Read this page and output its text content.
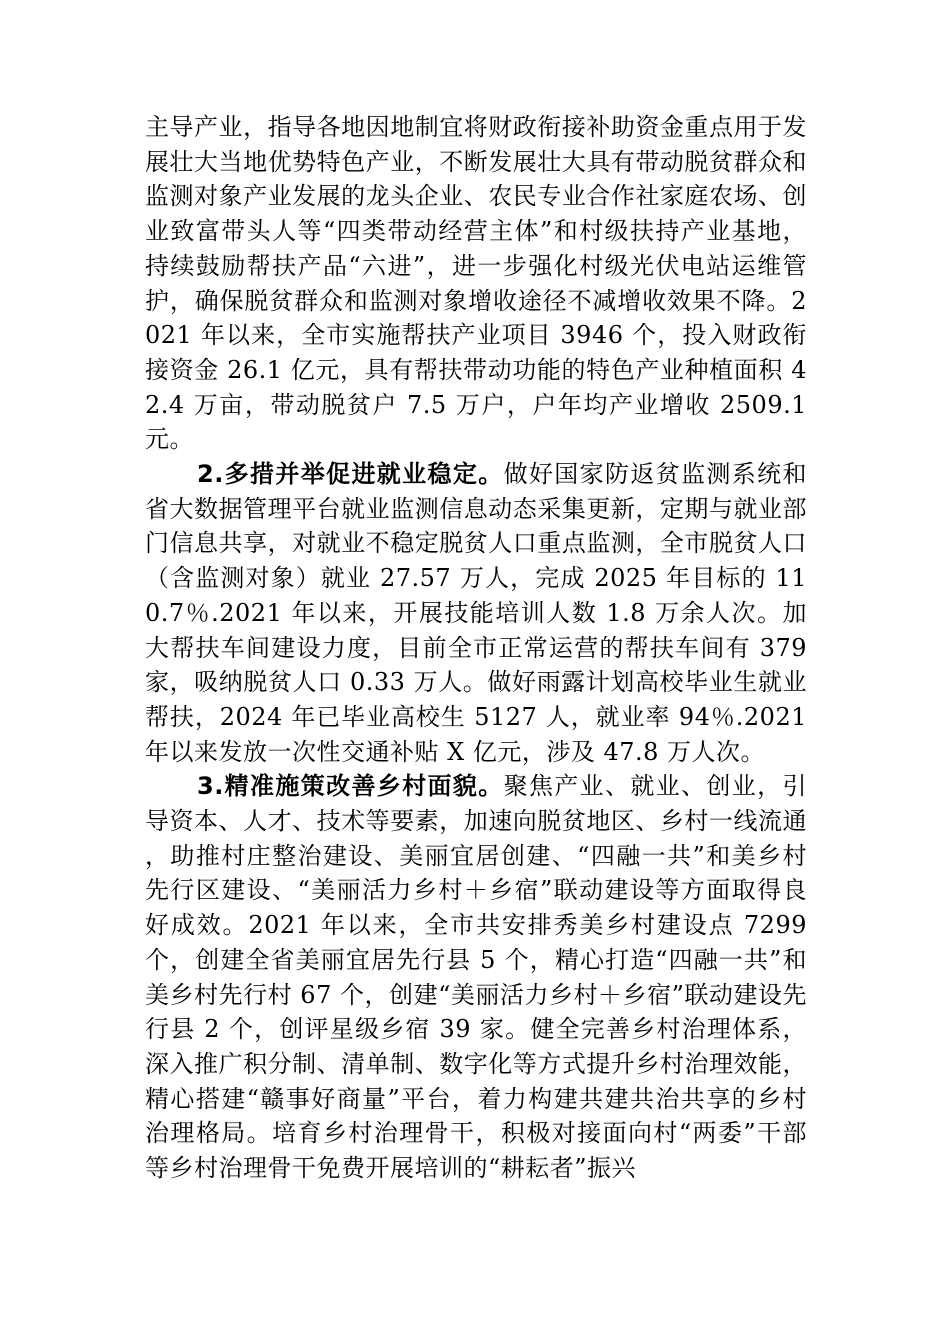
主导产业，指导各地因地制宜将财政衔接补助资金重点用于发展壮大当地优势特色产业，不断发展壮大具有带动脱贫群众和监测对象产业发展的龙头企业、农民专业合作社家庭农场、创业致富带头人等“四类带动经营主体”和村级扶持产业基地，持续鼓励帮扶产品“六进”，进一步强化村级光伏电站运维管护，确保脱贫群众和监测对象增收途径不减增收效果不降。2021 年以来，全市实施帮扶产业项目 3946 个，投入财政衔接资金 26.1 亿元，具有帮扶带动功能的特色产业种植面积 42.4 万亩，带动脱贫户 7.5 万户，户年均产业增收 2509.1 元。

2.多措并举促进就业稳定。做好国家防返贫监测系统和省大数据管理平台就业监测信息动态采集更新，定期与就业部门信息共享，对就业不稳定脱贫人口重点监测，全市脱贫人口（含监测对象）就业 27.57 万人，完成 2025 年目标的 110.7％.2021 年以来，开展技能培训人数 1.8 万余人次。加大帮扶车间建设力度，目前全市正常运营的帮扶车间有 379 家，吸纳脱贫人口 0.33 万人。做好雨露计划高校毕业生就业帮扶，2024 年已毕业高校生 5127 人，就业率 94％.2021 年以来发放一次性交通补贴 X 亿元，涉及 47.8 万人次。

3.精准施策改善乡村面貌。聚焦产业、就业、创业，引导资本、人才、技术等要素，加速向脱贫地区、乡村一线流通，助推村庄整治建设、美丽宜居创建、“四融一共”和美乡村先行区建设、“美丽活力乡村＋乡宿”联动建设等方面取得良好成效。2021 年以来，全市共安排秀美乡村建设点 7299 个，创建全省美丽宜居先行县 5 个，精心打造“四融一共”和美乡村先行村 67 个，创建“美丽活力乡村＋乡宿”联动建设先行县 2 个，创评星级乡宿 39 家。健全完善乡村治理体系，深入推广积分制、清单制、数字化等方式提升乡村治理效能，精心搭建“赣事好商量”平台，着力构建共建共治共享的乡村治理格局。培育乡村治理骨干，积极对接面向村“两委”干部等乡村治理骨干免费开展培训的“耕耘者”振兴
